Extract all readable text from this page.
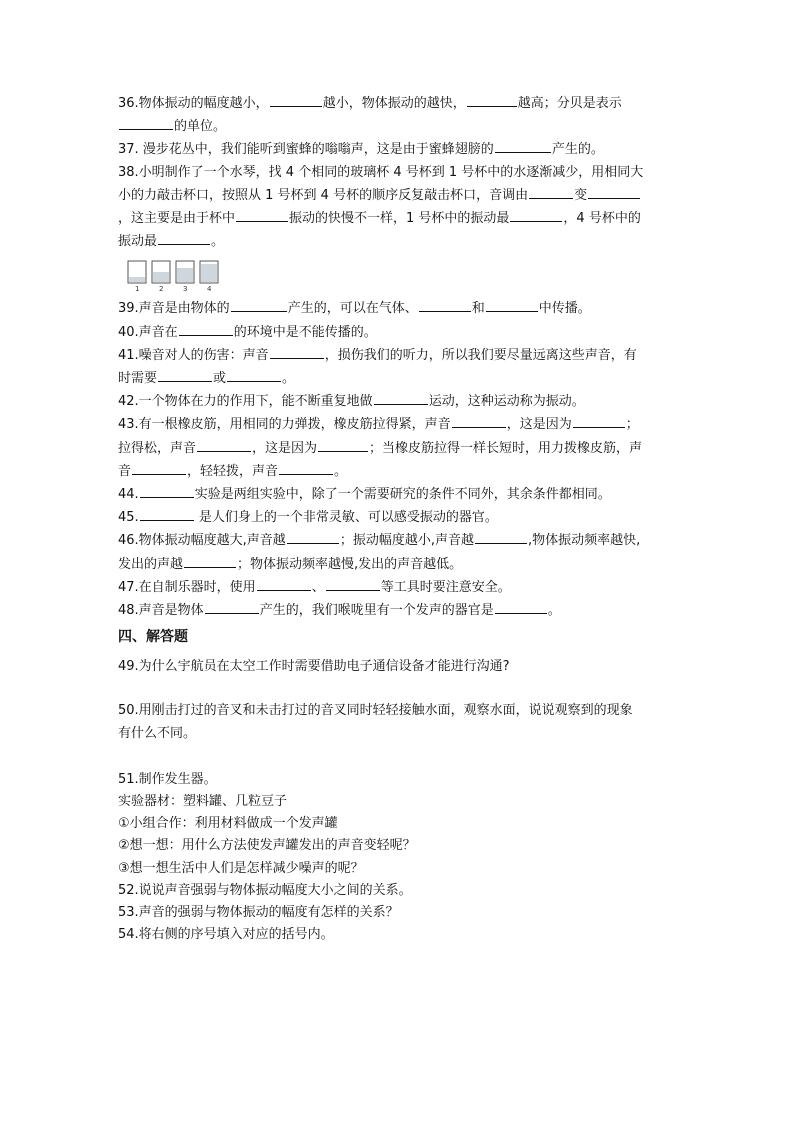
36.物体振动的幅度越小，	越小，物体振动的越快，	越高；分贝是表示
的单位。
37. 漫步花丛中，我们能听到蜜蜂的嗡嗡声，这是由于蜜蜂翅膀的	产生的。
38.小明制作了一个水琴，找 4 个相同的玻璃杯 4 号杯到 1 号杯中的水逐渐减少，用相同大
小的力敲击杯口，按照从 1 号杯到 4 号杯的顺序反复敲击杯口，音调由	变
，这主要是由于杯中	振动的快慢不一样，1 号杯中的振动最	，4 号杯中的
振动最	。
1	2	3	4
39.声音是由物体的	产生的，可以在气体、	和	中传播。
40.声音在	的环境中是不能传播的。
41.噪音对人的伤害：声音	，损伤我们的听力，所以我们要尽量远离这些声音，有
时需要	或	。
42.一个物体在力的作用下，能不断重复地做	运动，这种运动称为振动。
43.有一根橡皮筋，用相同的力弹拨，橡皮筋拉得紧，声音	，这是因为	；
拉得松，声音	，这是因为	；当橡皮筋拉得一样长短时，用力拨橡皮筋，声
音	，轻轻拨，声音	。
44.	实验是两组实验中，除了一个需要研究的条件不同外，其余条件都相同。
45.	是人们身上的一个非常灵敏、可以感受振动的器官。
46.物体振动幅度越大,声音越	；振动幅度越小,声音越	,物体振动频率越快,
发出的声越	；物体振动频率越慢,发出的声音越低。
47.在自制乐器时，使用	、	等工具时要注意安全。
48.声音是物体	产生的，我们喉咙里有一个发声的器官是	。
四、解答题
49.为什么宇航员在太空工作时需要借助电子通信设备才能进行沟通?
50.用刚击打过的音叉和未击打过的音叉同时轻轻接触水面，观察水面，说说观察到的现象
有什么不同。
51.制作发生器。
实验器材：塑料罐、几粒豆子
①小组合作：利用材料做成一个发声罐
②想一想：用什么方法使发声罐发出的声音变轻呢？
③想一想生活中人们是怎样减少噪声的呢？
52.说说声音强弱与物体振动幅度大小之间的关系。
53.声音的强弱与物体振动的幅度有怎样的关系？
54.将右侧的序号填入对应的括号内。
